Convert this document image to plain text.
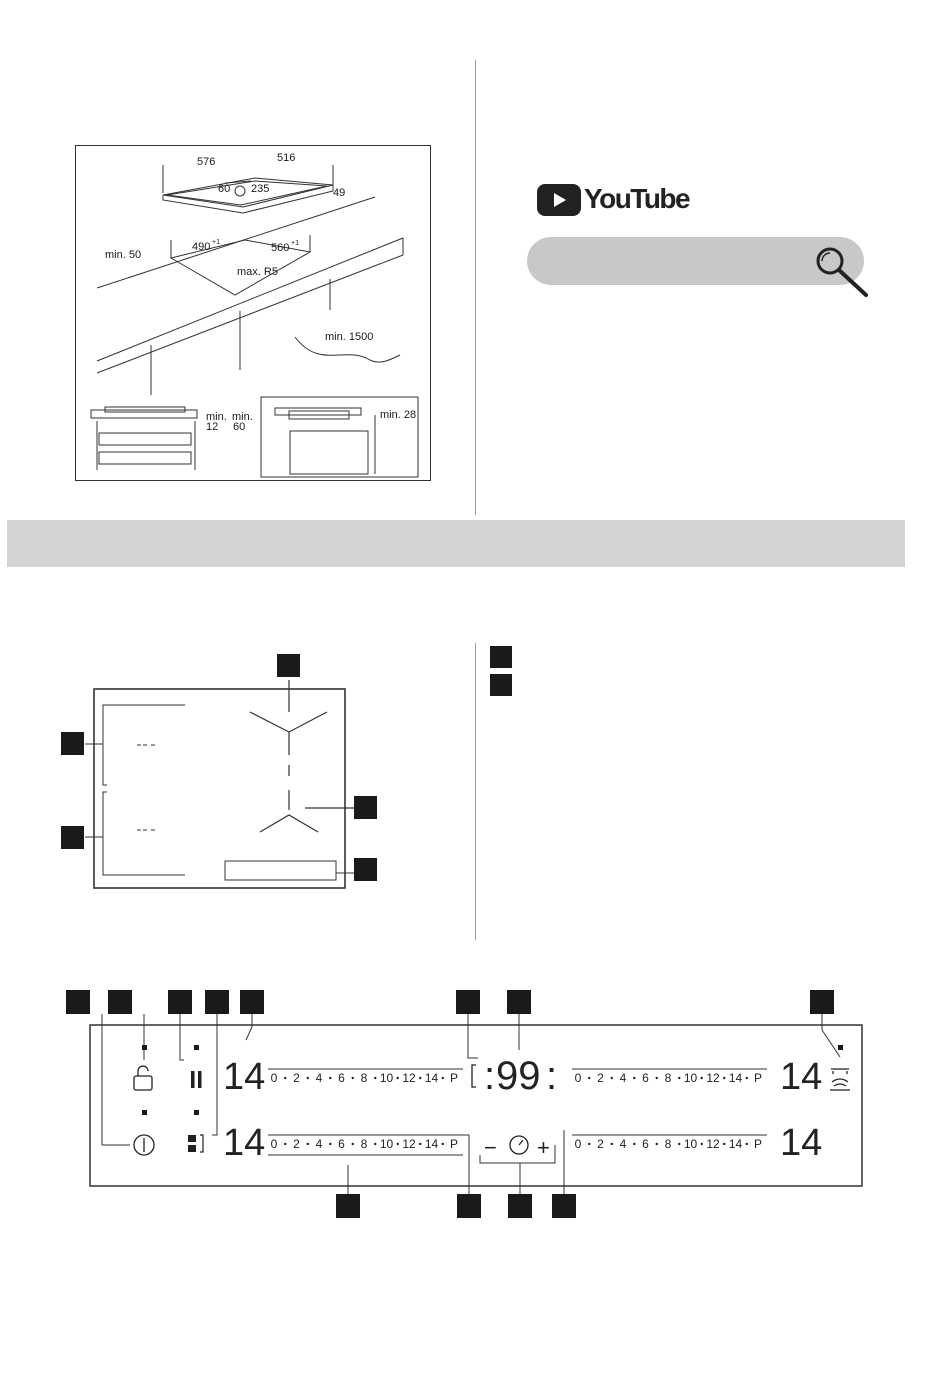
576	516
49
60 235
490 +1	560 +1
min. 50
max. R5
min. 1500
min. min.
12 60
min. 28
YouTube
: 99 :
− +
14
14
14
14
0 2 4 6 8 10 12 14 P
0 2 4 6 8 10 12 14 P
0 2 4 6 8 10 12 14 P
0 2 4 6 8 10 12 14 P
